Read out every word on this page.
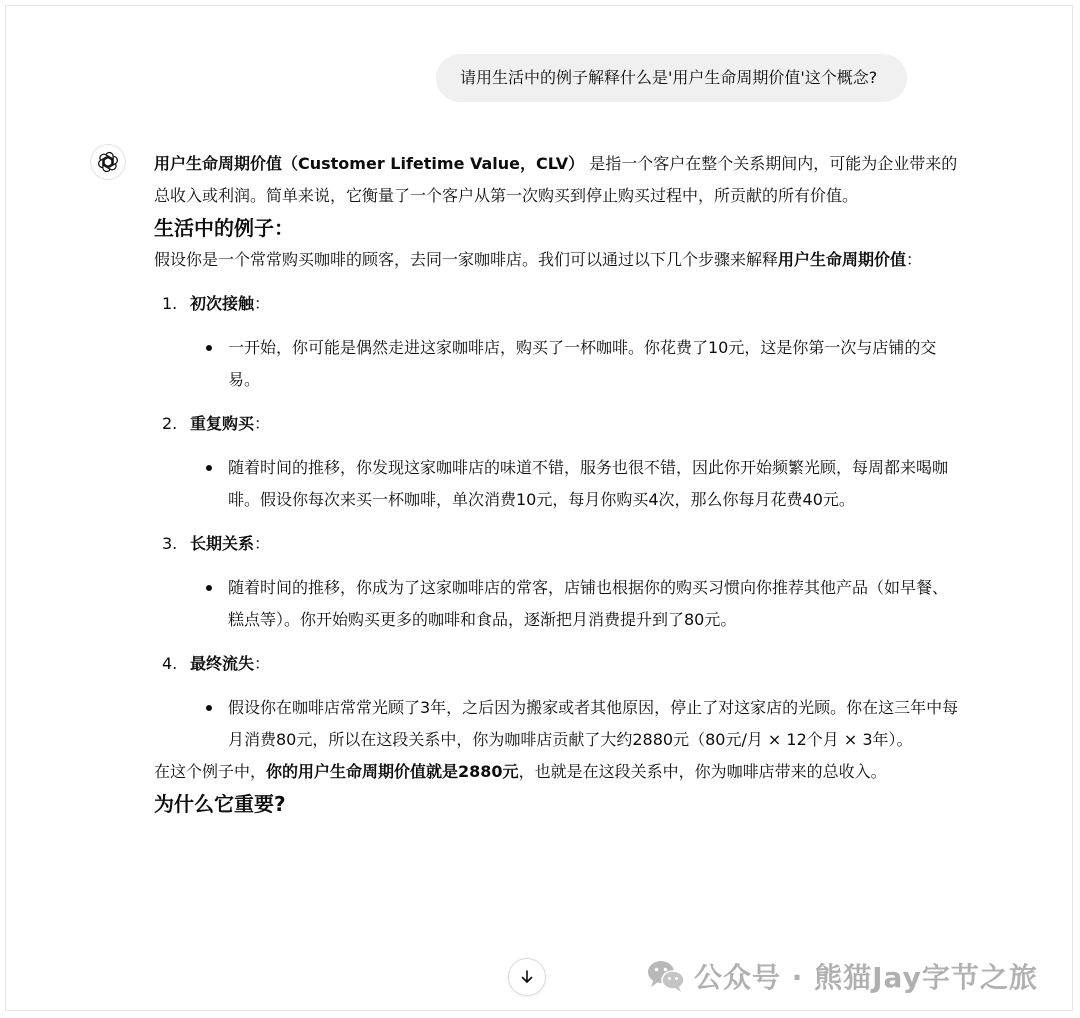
请用生活中的例子解释什么是'用户生命周期价值'这个概念?

用户生命周期价值（Customer Lifetime Value，CLV） 是指一个客户在整个关系期间内，可能为企业带来的总收入或利润。简单来说，它衡量了一个客户从第一次购买到停止购买过程中，所贡献的所有价值。

生活中的例子：

假设你是一个常常购买咖啡的顾客，去同一家咖啡店。我们可以通过以下几个步骤来解释用户生命周期价值：

1. 初次接触：
一开始，你可能是偶然走进这家咖啡店，购买了一杯咖啡。你花费了10元，这是你第一次与店铺的交易。
2. 重复购买：
随着时间的推移，你发现这家咖啡店的味道不错，服务也很不错，因此你开始频繁光顾，每周都来喝咖啡。假设你每次来买一杯咖啡，单次消费10元，每月你购买4次，那么你每月花费40元。
3. 长期关系：
随着时间的推移，你成为了这家咖啡店的常客，店铺也根据你的购买习惯向你推荐其他产品（如早餐、糕点等）。你开始购买更多的咖啡和食品，逐渐把月消费提升到了80元。
4. 最终流失：
假设你在咖啡店常常光顾了3年，之后因为搬家或者其他原因，停止了对这家店的光顾。你在这三年中每月消费80元，所以在这段关系中，你为咖啡店贡献了大约2880元（80元/月 × 12个月 × 3年）。

在这个例子中，你的用户生命周期价值就是2880元，也就是在这段关系中，你为咖啡店带来的总收入。

为什么它重要?

公众号 · 熊猫Jay字节之旅
